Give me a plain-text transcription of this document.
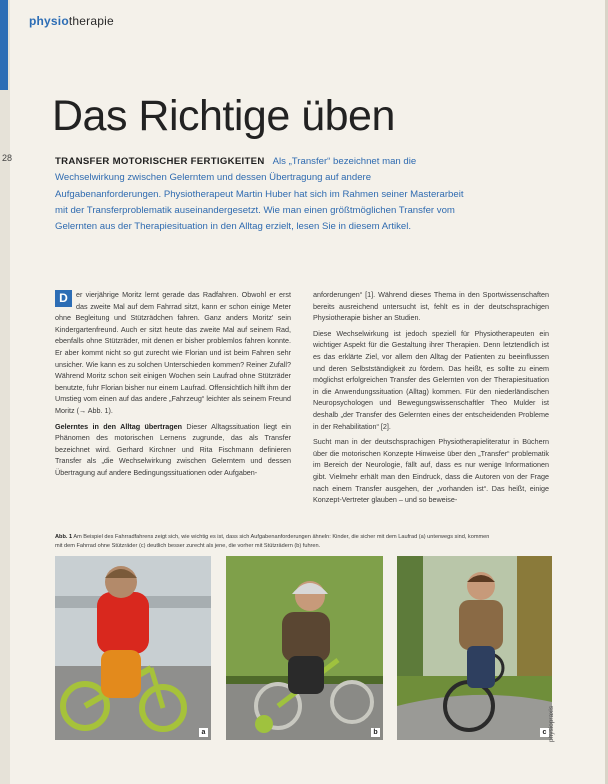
physiotherapie
28
Das Richtige üben
TRANSFER MOTORISCHER FERTIGKEITEN Als „Transfer“ bezeichnet man die Wechselwirkung zwischen Gelerntem und dessen Übertragung auf andere Aufgabenanforderungen. Physiotherapeut Martin Huber hat sich im Rahmen seiner Masterarbeit mit der Transferproblematik auseinandergesetzt. Wie man einen größtmöglichen Transfer vom Gelernten aus der Therapiesituation in den Alltag erzielt, lesen Sie in diesem Artikel.

D	er vierjährige Moritz lernt gerade das Radfahren. Obwohl er erst das zweite Mal auf dem Fahrrad sitzt, kann er schon einige Meter ohne Begleitung und Stützrädchen fahren. Ganz anders Moritz' sein Kindergartenfreund. Auch er sitzt heute das zweite Mal auf seinem Rad, ebenfalls ohne Stützräder, mit denen er bisher problemlos fahren konnte. Er aber kommt nicht so gut zurecht wie Florian und ist beim Fahren sehr unsicher. Wie kann es zu solchen Unterschieden kommen? Reiner Zufall? Während Moritz schon seit einigen Wochen sein Laufrad ohne Stützräder benutzte, fuhr Florian bisher nur einem Laufrad. Offensichtlich hilft ihm der Umstieg vom einen auf das andere „Fahrzeug“ leichter als seinem Freund Moritz (→ Abb. 1).

Gelerntes in den Alltag übertragen Dieser Alltagssituation liegt ein Phänomen des motorischen Lernens zugrunde, das als Transfer bezeichnet wird. Gerhard Kirchner und Rita Fischmann definieren Transfer als „die Wechselwirkung zwischen Gelerntem und dessen Übertragung auf andere Bedingungssituationen oder Aufgaben-

anforderungen“ [1]. Während dieses Thema in den Sportwissenschaften bereits ausreichend untersucht ist, fehlt es in der deutschsprachigen Physiotherapie bisher an Studien.

Diese Wechselwirkung ist jedoch speziell für Physiotherapeuten ein wichtiger Aspekt für die Gestaltung ihrer Therapien. Denn letztendlich ist es das erklärte Ziel, vor allem den Alltag der Patienten zu beeinflussen und deren Selbstständigkeit zu fördern. Das heißt, es sollte zu einem möglichst erfolgreichen Transfer des Gelernten von der Therapiesituation in die Anwendungssituation (Alltag) kommen. Für den niederländischen Neuropsychologen und Bewegungswissenschaftler Theo Mulder ist deshalb „der Transfer des Gelernten eines der entscheidenden Probleme in der Rehabilitation“ [2].

Sucht man in der deutschsprachigen Physiotherapieliteratur in Büchern über die motorischen Konzepte Hinweise über den „Transfer“ problematik im Bereich der Neurologie, fällt auf, dass es nur wenige Informationen gibt. Vielmehr erhält man den Eindruck, dass die Autoren von der Frage nach einem Transfer ausgehen, der „vorhanden ist“. Das heißt, einige Konzept-Vertreter glauben – und so beweise-

Abb. 1 Am Beispiel des Fahrradfahrens zeigt sich, wie wichtig es ist, dass sich Aufgabenanforderungen ähneln: Kinder, die sicher mit dem Laufrad (a) unterwegs sind, kommen mit dem Fahrrad ohne Stützräder (c) deutlich besser zurecht als jene, die vorher mit Stützrädern (b) fuhren.
a	b	c physiopraxis
